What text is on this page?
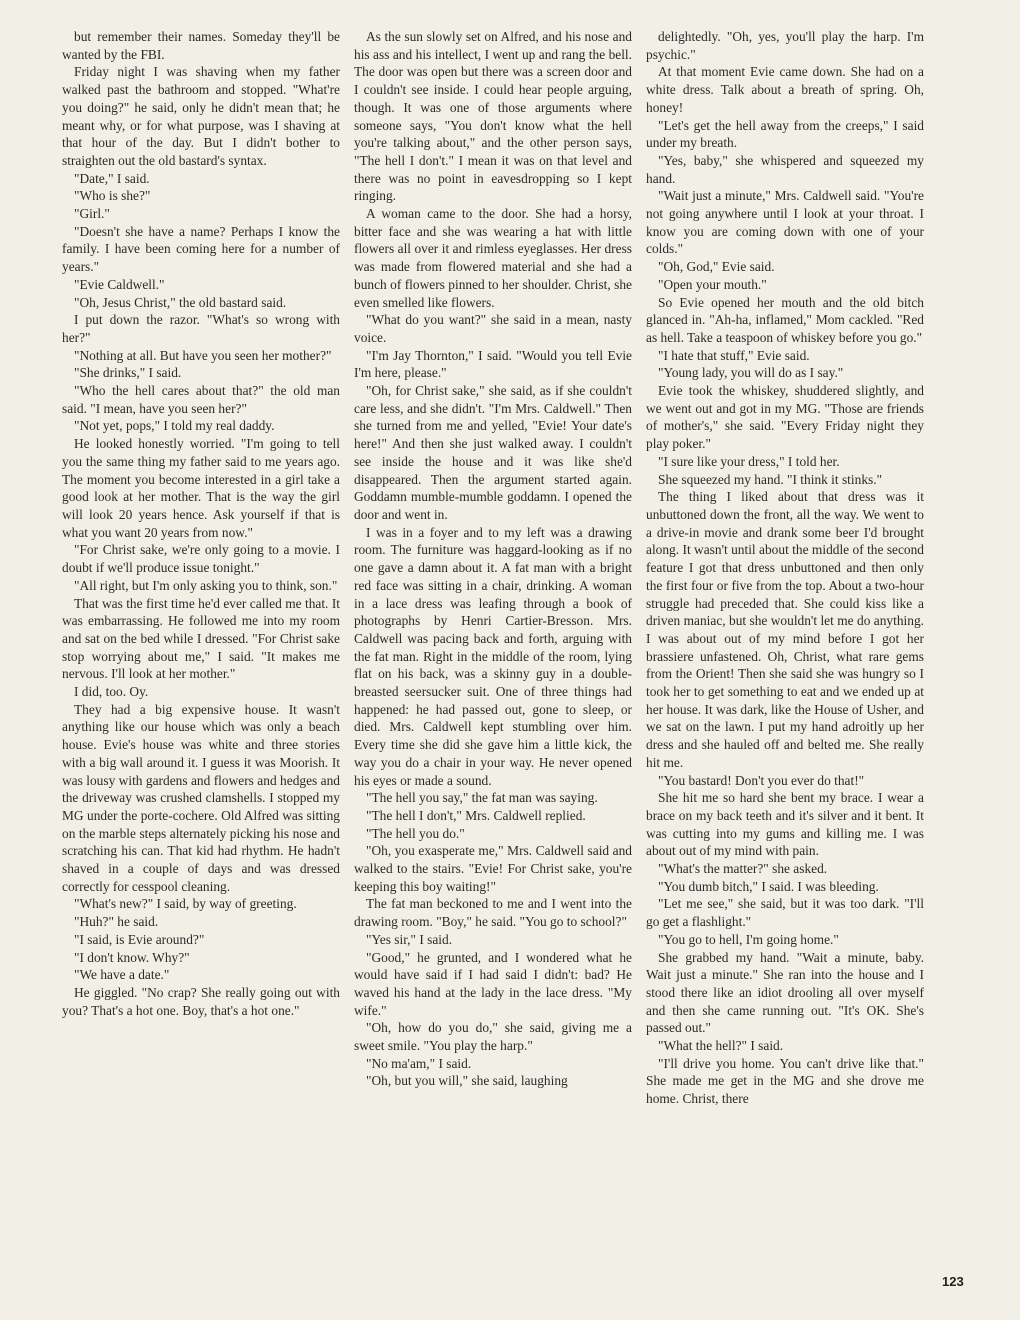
but remember their names. Someday they'll be wanted by the FBI.

Friday night I was shaving when my father walked past the bathroom and stopped. "What're you doing?" he said, only he didn't mean that; he meant why, or for what purpose, was I shaving at that hour of the day. But I didn't bother to straighten out the old bastard's syntax.

"Date," I said.

"Who is she?"

"Girl."

"Doesn't she have a name? Perhaps I know the family. I have been coming here for a number of years."

"Evie Caldwell."

"Oh, Jesus Christ," the old bastard said.

I put down the razor. "What's so wrong with her?"

"Nothing at all. But have you seen her mother?"

"She drinks," I said.

"Who the hell cares about that?" the old man said. "I mean, have you seen her?"

"Not yet, pops," I told my real daddy.

He looked honestly worried. "I'm going to tell you the same thing my father said to me years ago. The moment you become interested in a girl take a good look at her mother. That is the way the girl will look 20 years hence. Ask yourself if that is what you want 20 years from now."

"For Christ sake, we're only going to a movie. I doubt if we'll produce issue tonight."

"All right, but I'm only asking you to think, son."

That was the first time he'd ever called me that. It was embarrassing. He followed me into my room and sat on the bed while I dressed. "For Christ sake stop worrying about me," I said. "It makes me nervous. I'll look at her mother."

I did, too. Oy.

They had a big expensive house. It wasn't anything like our house which was only a beach house. Evie's house was white and three stories with a big wall around it. I guess it was Moorish. It was lousy with gardens and flowers and hedges and the driveway was crushed clamshells. I stopped my MG under the porte-cochere. Old Alfred was sitting on the marble steps alternately picking his nose and scratching his can. That kid had rhythm. He hadn't shaved in a couple of days and was dressed correctly for cesspool cleaning.

"What's new?" I said, by way of greeting.

"Huh?" he said.

"I said, is Evie around?"

"I don't know. Why?"

"We have a date."

He giggled. "No crap? She really going out with you? That's a hot one. Boy, that's a hot one."

As the sun slowly set on Alfred, and his nose and his ass and his intellect, I went up and rang the bell. The door was open but there was a screen door and I couldn't see inside. I could hear people arguing, though. It was one of those arguments where someone says, "You don't know what the hell you're talking about," and the other person says, "The hell I don't." I mean it was on that level and there was no point in eavesdropping so I kept ringing.

A woman came to the door. She had a horsy, bitter face and she was wearing a hat with little flowers all over it and rimless eyeglasses. Her dress was made from flowered material and she had a bunch of flowers pinned to her shoulder. Christ, she even smelled like flowers.

"What do you want?" she said in a mean, nasty voice.

"I'm Jay Thornton," I said. "Would you tell Evie I'm here, please."

"Oh, for Christ sake," she said, as if she couldn't care less, and she didn't. "I'm Mrs. Caldwell." Then she turned from me and yelled, "Evie! Your date's here!" And then she just walked away. I couldn't see inside the house and it was like she'd disappeared. Then the argument started again. Goddamn mumble-mumble goddamn. I opened the door and went in.

I was in a foyer and to my left was a drawing room. The furniture was haggard-looking as if no one gave a damn about it. A fat man with a bright red face was sitting in a chair, drinking. A woman in a lace dress was leafing through a book of photographs by Henri Cartier-Bresson. Mrs. Caldwell was pacing back and forth, arguing with the fat man. Right in the middle of the room, lying flat on his back, was a skinny guy in a double-breasted seersucker suit. One of three things had happened: he had passed out, gone to sleep, or died. Mrs. Caldwell kept stumbling over him. Every time she did she gave him a little kick, the way you do a chair in your way. He never opened his eyes or made a sound.

"The hell you say," the fat man was saying.

"The hell I don't," Mrs. Caldwell replied.

"The hell you do."

"Oh, you exasperate me," Mrs. Caldwell said and walked to the stairs. "Evie! For Christ sake, you're keeping this boy waiting!"

The fat man beckoned to me and I went into the drawing room. "Boy," he said. "You go to school?"

"Yes sir," I said.

"Good," he grunted, and I wondered what he would have said if I had said I didn't: bad? He waved his hand at the lady in the lace dress. "My wife."

"Oh, how do you do," she said, giving me a sweet smile. "You play the harp."

"No ma'am," I said.

"Oh, but you will," she said, laughing

delightedly. "Oh, yes, you'll play the harp. I'm psychic."

At that moment Evie came down. She had on a white dress. Talk about a breath of spring. Oh, honey!

"Let's get the hell away from the creeps," I said under my breath.

"Yes, baby," she whispered and squeezed my hand.

"Wait just a minute," Mrs. Caldwell said. "You're not going anywhere until I look at your throat. I know you are coming down with one of your colds."

"Oh, God," Evie said.

"Open your mouth."

So Evie opened her mouth and the old bitch glanced in. "Ah-ha, inflamed," Mom cackled. "Red as hell. Take a teaspoon of whiskey before you go."

"I hate that stuff," Evie said.

"Young lady, you will do as I say."

Evie took the whiskey, shuddered slightly, and we went out and got in my MG. "Those are friends of mother's," she said. "Every Friday night they play poker."

"I sure like your dress," I told her.

She squeezed my hand. "I think it stinks."

The thing I liked about that dress was it unbuttoned down the front, all the way. We went to a drive-in movie and drank some beer I'd brought along. It wasn't until about the middle of the second feature I got that dress unbuttoned and then only the first four or five from the top. About a two-hour struggle had preceded that. She could kiss like a driven maniac, but she wouldn't let me do anything. I was about out of my mind before I got her brassiere unfastened. Oh, Christ, what rare gems from the Orient! Then she said she was hungry so I took her to get something to eat and we ended up at her house. It was dark, like the House of Usher, and we sat on the lawn. I put my hand adroitly up her dress and she hauled off and belted me. She really hit me.

"You bastard! Don't you ever do that!"

She hit me so hard she bent my brace. I wear a brace on my back teeth and it's silver and it bent. It was cutting into my gums and killing me. I was about out of my mind with pain.

"What's the matter?" she asked.

"You dumb bitch," I said. I was bleeding.

"Let me see," she said, but it was too dark. "I'll go get a flashlight."

"You go to hell, I'm going home."

She grabbed my hand. "Wait a minute, baby. Wait just a minute." She ran into the house and I stood there like an idiot drooling all over myself and then she came running out. "It's OK. She's passed out."

"What the hell?" I said.

"I'll drive you home. You can't drive like that." She made me get in the MG and she drove me home. Christ, there

123
